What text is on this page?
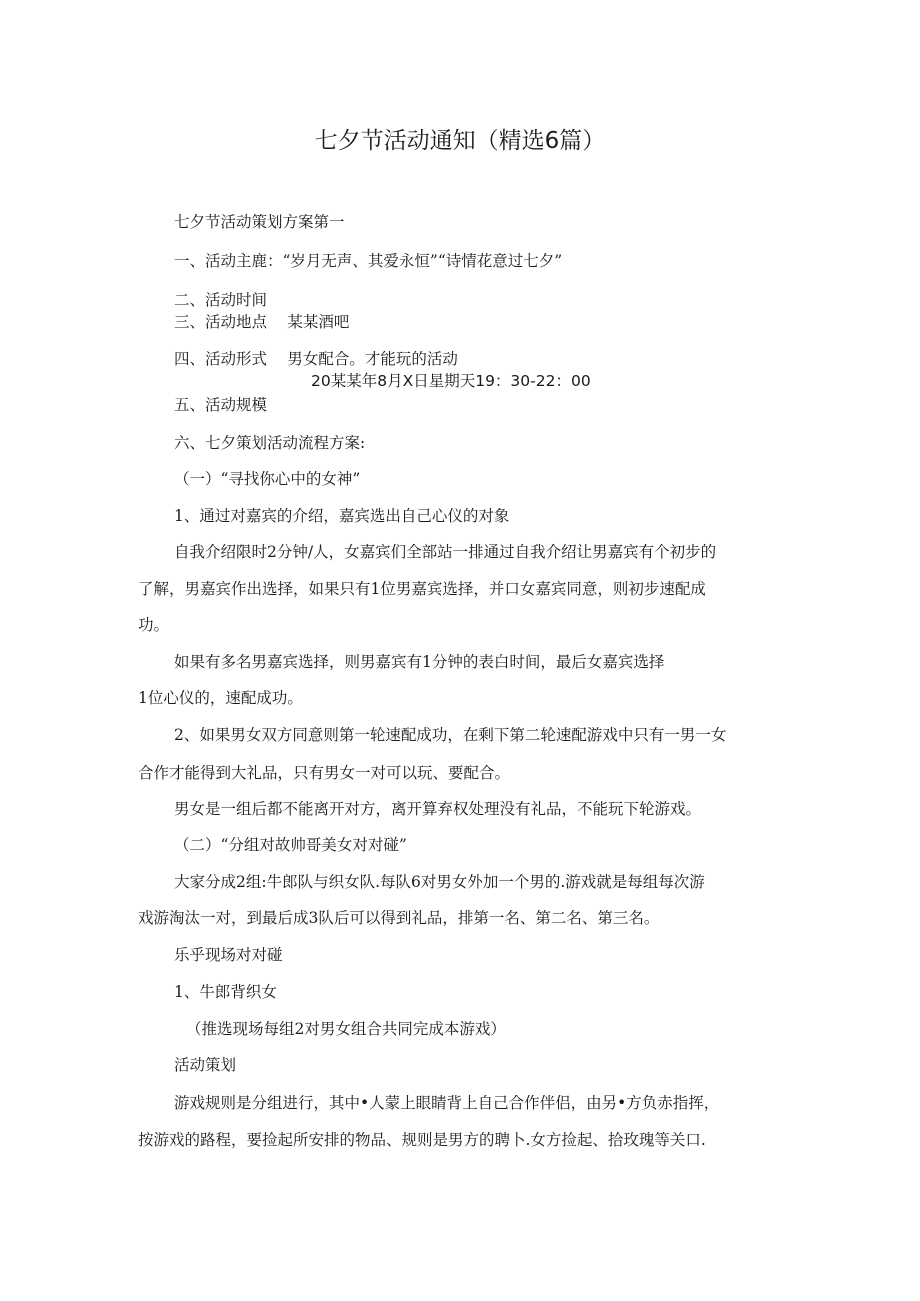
七夕节活动通知（精选6篇）

七夕节活动策划方案第一

一、活动主鹿：“岁月无声、其爱永恒”“诗情花意过七夕”

二、活动时间

三、活动地点　 某某酒吧

四、活动形式　 男女配合。才能玩的活动

20某某年8月X日星期天19：30-22：00

五、活动规模

六、七夕策划活动流程方案:

（一）“寻找你心中的女神”

1、通过对嘉宾的介绍，嘉宾选出自己心仪的对象

自我介绍限时2分钟/人，女嘉宾们全部站一排通过自我介绍让男嘉宾有个初步的

了解，男嘉宾作出选择，如果只有1位男嘉宾选择，并口女嘉宾同意，则初步速配成

功。

如果有多名男嘉宾选择，则男嘉宾有1分钟的表白时间，最后女嘉宾选择

1位心仪的，速配成功。

2、如果男女双方同意则第一轮速配成功，在剩下第二轮速配游戏中只有一男一女

合作才能得到大礼品，只有男女一对可以玩、要配合。

男女是一组后都不能离开对方，离开算弃权处理没有礼品，不能玩下轮游戏。

（二）“分组对故帅哥美女对对碰”

大家分成2组:牛郎队与织女队.每队6对男女外加一个男的.游戏就是每组每次游

戏游淘汰一对，到最后成3队后可以得到礼品，排第一名、第二名、第三名。

乐乎现场对对碰

1、牛郎背织女

（推选现场每组2对男女组合共同完成本游戏）

活动策划

游戏规则是分组进行，其中•人蒙上眼睛背上自己合作伴侣，由另•方负赤指挥，

按游戏的路程，要捡起所安排的物品、规则是男方的聘卜.女方捡起、拾玫瑰等关口.
